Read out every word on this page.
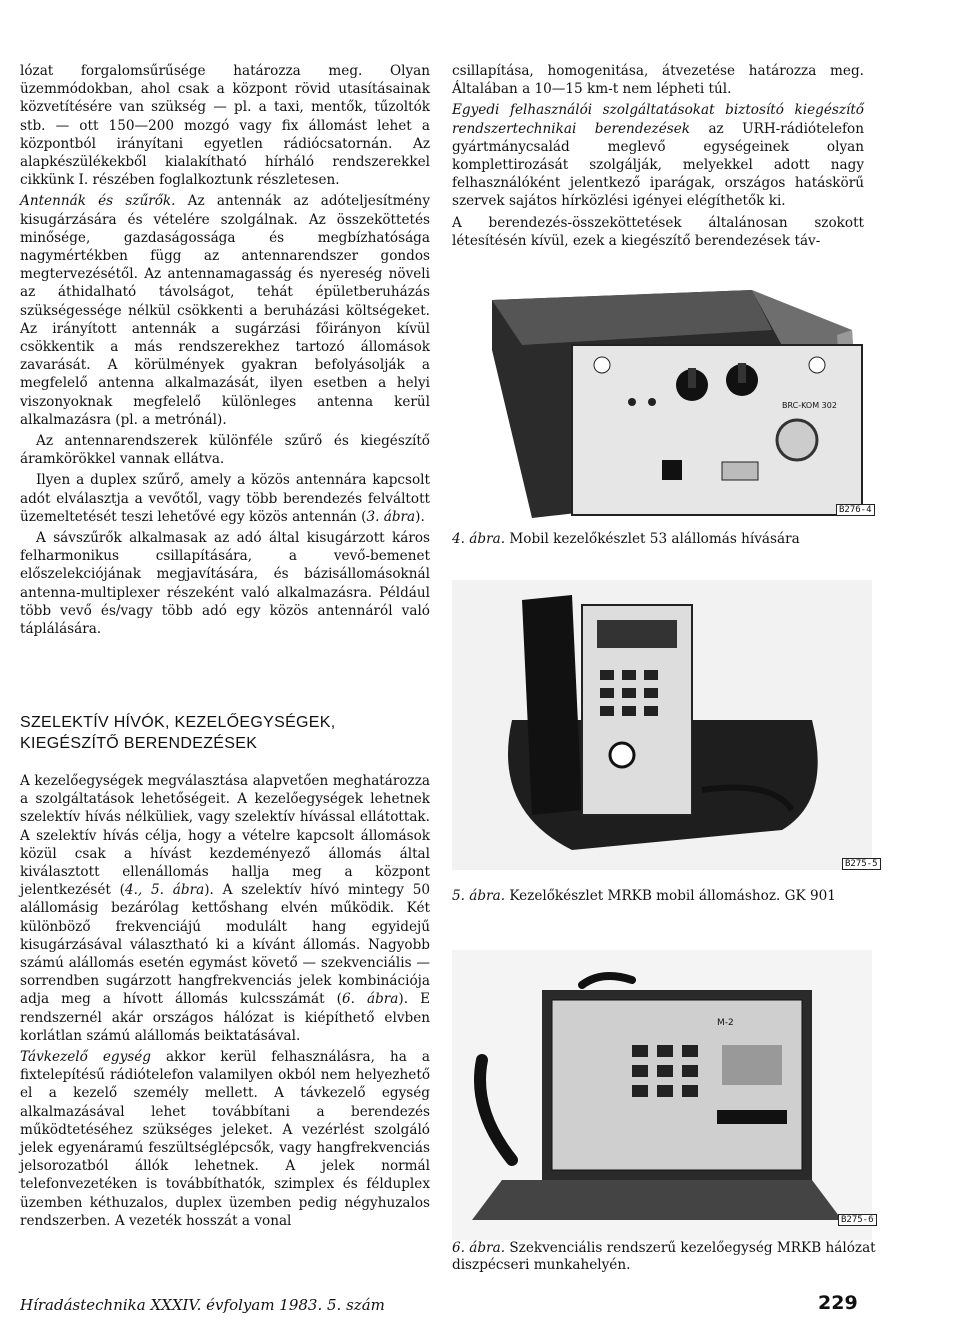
lózat forgalomsűrűsége határozza meg. Olyan üzemmódokban, ahol csak a központ rövid utasításainak közvetítésére van szükség — pl. a taxi, mentők, tűzoltók stb. — ott 150—200 mozgó vagy fix állomást lehet a központból irányítani egyetlen rádiócsatornán. Az alapkészülékekből kialakítható hírháló rendszerekkel cikkünk I. részében foglalkoztunk részletesen.

Antennák és szűrők. Az antennák az adóteljesítmény kisugárzására és vételére szolgálnak. Az összeköttetés minősége, gazdaságossága és megbízhatósága nagymértékben függ az antennarendszer gondos megtervezésétől. Az antennamagasság és nyereség növeli az áthidalható távolságot, tehát épületberuházás szükségessége nélkül csökkenti a beruházási költségeket. Az irányított antennák a sugárzási főirányon kívül csökkentik a más rendszerekhez tartozó állomások zavarását. A körülmények gyakran befolyásolják a megfelelő antenna alkalmazását, ilyen esetben a helyi viszonyoknak megfelelő különleges antenna kerül alkalmazásra (pl. a metrónál).

Az antennarendszerek különféle szűrő és kiegészítő áramkörökkel vannak ellátva.

Ilyen a duplex szűrő, amely a közös antennára kapcsolt adót elválasztja a vevőtől, vagy több berendezés felváltott üzemeltetését teszi lehetővé egy közös antennán (3. ábra).

A sávszűrők alkalmasak az adó által kisugárzott káros felharmonikus csillapítására, a vevő-bemenet előszelekciójának megjavítására, és bázisállomásoknál antenna-multiplexer részeként való alkalmazásra. Például több vevő és/vagy több adó egy közös antennáról való táplálására.

csillapítása, homogenitása, átvezetése határozza meg. Általában a 10—15 km-t nem lépheti túl.

Egyedi felhasználói szolgáltatásokat biztosító kiegészítő rendszertechnikai berendezések az URH-rádiótelefon gyártmánycsalád meglevő egységeinek olyan komplettirozását szolgálják, melyekkel adott nagy felhasználóként jelentkező iparágak, országos hatáskörű szervek sajátos hírközlési igényei elégíthetők ki.

A berendezés-összeköttetések általánosan szokott létesítésén kívül, ezek a kiegészítő berendezések táv-

SZELEKTÍV HÍVÓK, KEZELŐEGYSÉGEK,
KIEGÉSZÍTŐ BERENDEZÉSEK

A kezelőegységek megválasztása alapvetően meghatározza a szolgáltatások lehetőségeit. A kezelőegységek lehetnek szelektív hívás nélküliek, vagy szelektív hívással ellátottak. A szelektív hívás célja, hogy a vételre kapcsolt állomások közül csak a hívást kezdeményező állomás által kiválasztott ellenállomás hallja meg a központ jelentkezését (4., 5. ábra). A szelektív hívó mintegy 50 alállomásig bezárólag kettőshang elvén működik. Két különböző frekvenciájú modulált hang egyidejű kisugárzásával választható ki a kívánt állomás. Nagyobb számú alállomás esetén egymást követő — szekvenciális — sorrendben sugárzott hangfrekvenciás jelek kombinációja adja meg a hívott állomás kulcsszámát (6. ábra). E rendszernél akár országos hálózat is kiépíthető elvben korlátlan számú alállomás beiktatásával.

Távkezelő egység akkor kerül felhasználásra, ha a fixtelepítésű rádiótelefon valamilyen okból nem helyezhető el a kezelő személy mellett. A távkezelő egység alkalmazásával lehet továbbítani a berendezés működtetéséhez szükséges jeleket. A vezérlést szolgáló jelek egyenáramú feszültséglépcsők, vagy hangfrekvenciás jelsorozatból állók lehetnek. A jelek normál telefonvezetéken is továbbíthatók, szimplex és félduplex üzemben kéthuzalos, duplex üzemben pedig négyhuzalos rendszerben. A vezeték hosszát a vonal

BRC-KOM 302
B276-4
4. ábra. Mobil kezelőkészlet 53 alállomás hívására
B275-5
5. ábra. Kezelőkészlet MRKB mobil állomáshoz. GK 901
M-2
B275-6
6. ábra. Szekvenciális rendszerű kezelőegység MRKB hálózat diszpécseri munkahelyén.
Híradástechnika XXXIV. évfolyam 1983. 5. szám	229
